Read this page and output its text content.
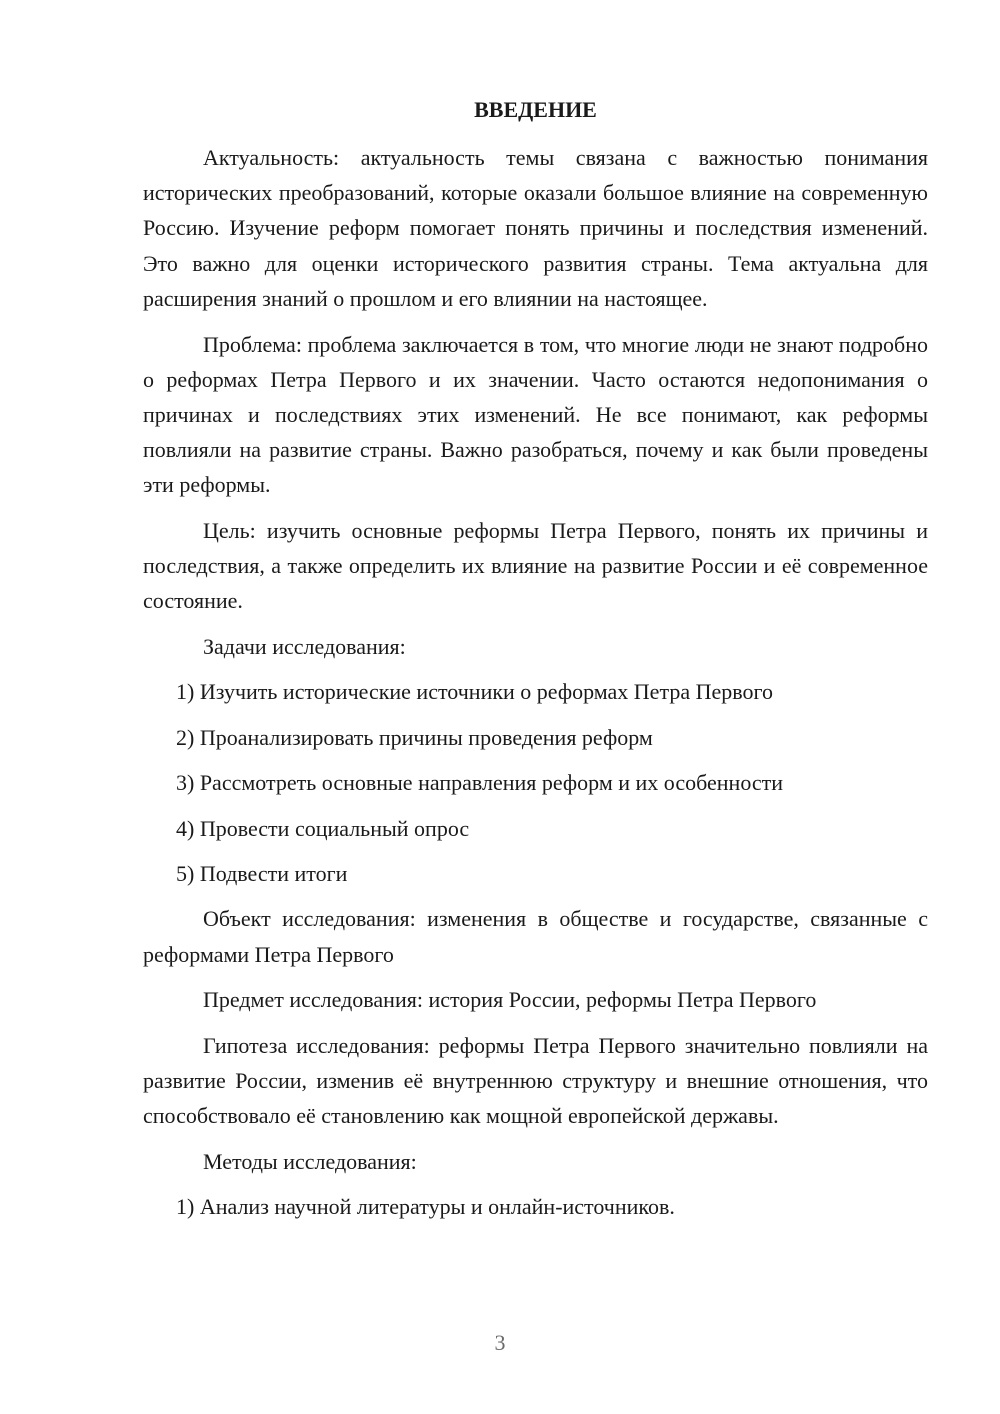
ВВЕДЕНИЕ

Актуальность: актуальность темы связана с важностью понимания исторических преобразований, которые оказали большое влияние на современную Россию. Изучение реформ помогает понять причины и последствия изменений. Это важно для оценки исторического развития страны. Тема актуальна для расширения знаний о прошлом и его влиянии на настоящее.

Проблема: проблема заключается в том, что многие люди не знают подробно о реформах Петра Первого и их значении. Часто остаются недопонимания о причинах и последствиях этих изменений. Не все понимают, как реформы повлияли на развитие страны. Важно разобраться, почему и как были проведены эти реформы.

Цель: изучить основные реформы Петра Первого, понять их причины и последствия, а также определить их влияние на развитие России и её современное состояние.

Задачи исследования:

1) Изучить исторические источники о реформах Петра Первого

2) Проанализировать причины проведения реформ

3) Рассмотреть основные направления реформ и их особенности

4) Провести социальный опрос

5) Подвести итоги

Объект исследования: изменения в обществе и государстве, связанные с реформами Петра Первого

Предмет исследования: история России, реформы Петра Первого

Гипотеза исследования: реформы Петра Первого значительно повлияли на развитие России, изменив её внутреннюю структуру и внешние отношения, что способствовало её становлению как мощной европейской державы.

Методы исследования:

1) Анализ научной литературы и онлайн-источников.

3
